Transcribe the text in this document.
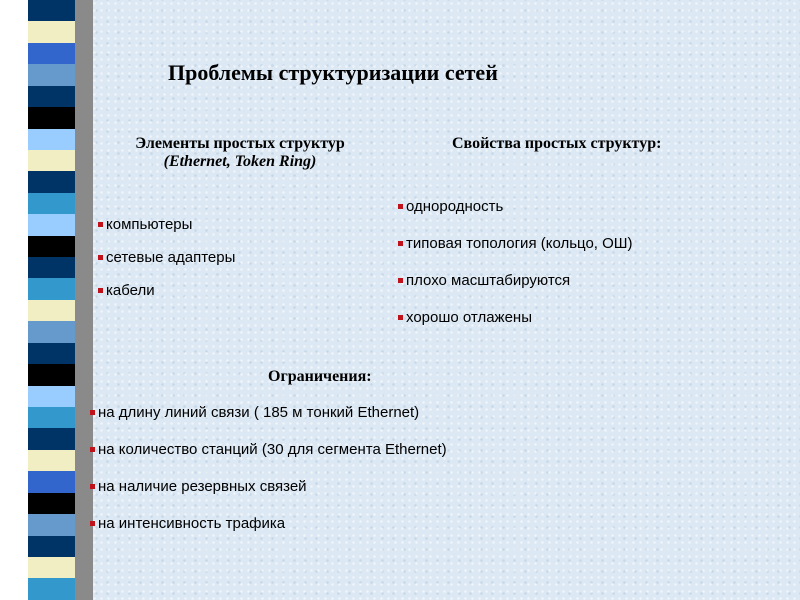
Проблемы структуризации сетей
Элементы простых структур
(Ethernet, Token Ring)
компьютеры
сетевые адаптеры
кабели
Свойства простых структур:
однородность
типовая топология (кольцо, ОШ)
плохо масштабируются
хорошо отлажены
Ограничения:
на длину линий связи ( 185 м тонкий Ethernet)
на количество станций (30 для сегмента Ethernet)
на наличие резервных связей
на интенсивность трафика
